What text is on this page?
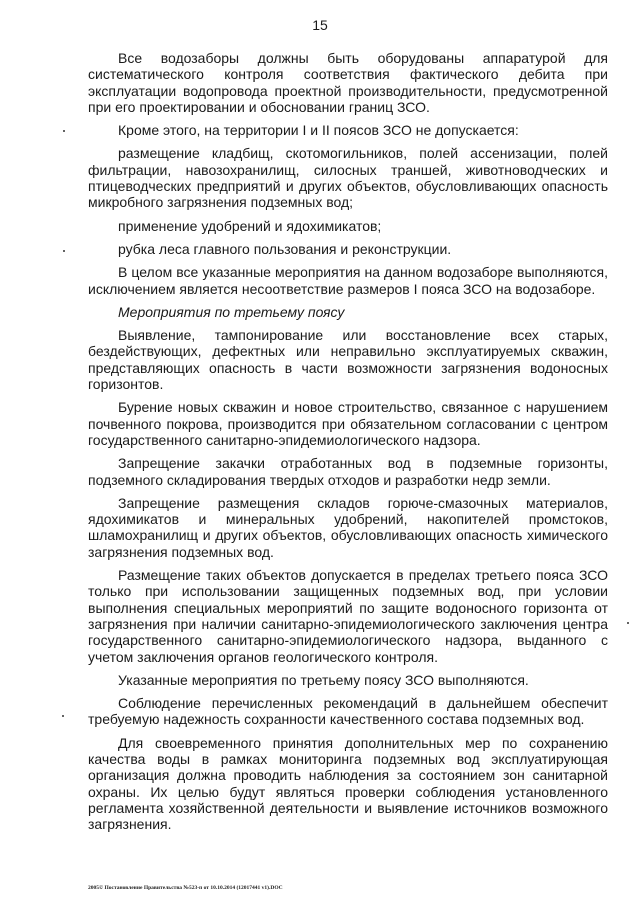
15

Все водозаборы должны быть оборудованы аппаратурой для систематического контроля соответствия фактического дебита при эксплуатации водопровода проектной производительности, предусмотренной при его проектировании и обосновании границ ЗСО.

Кроме этого, на территории I и II поясов ЗСО не допускается:

размещение кладбищ, скотомогильников, полей ассенизации, полей фильтрации, навозохранилищ, силосных траншей, животноводческих и птицеводческих предприятий и других объектов, обусловливающих опасность микробного загрязнения подземных вод;

применение удобрений и ядохимикатов;

рубка леса главного пользования и реконструкции.

В целом все указанные мероприятия на данном водозаборе выполняются, исключением является несоответствие размеров I пояса ЗСО на водозаборе.

Мероприятия по третьему поясу

Выявление, тампонирование или восстановление всех старых, бездействующих, дефектных или неправильно эксплуатируемых скважин, представляющих опасность в части возможности загрязнения водоносных горизонтов.

Бурение новых скважин и новое строительство, связанное с нарушением почвенного покрова, производится при обязательном согласовании с центром государственного санитарно-эпидемиологического надзора.

Запрещение закачки отработанных вод в подземные горизонты, подземного складирования твердых отходов и разработки недр земли.

Запрещение размещения складов горюче-смазочных материалов, ядохимикатов и минеральных удобрений, накопителей промстоков, шламохранилищ и других объектов, обусловливающих опасность химического загрязнения подземных вод.

Размещение таких объектов допускается в пределах третьего пояса ЗСО только при использовании защищенных подземных вод, при условии выполнения специальных мероприятий по защите водоносного горизонта от загрязнения при наличии санитарно-эпидемиологического заключения центра государственного санитарно-эпидемиологического надзора, выданного с учетом заключения органов геологического контроля.

Указанные мероприятия по третьему поясу ЗСО выполняются.

Соблюдение перечисленных рекомендаций в дальнейшем обеспечит требуемую надежность сохранности качественного состава подземных вод.

Для своевременного принятия дополнительных мер по сохранению качества воды в рамках мониторинга подземных вод эксплуатирующая организация должна проводить наблюдения за состоянием зон санитарной охраны. Их целью будут являться проверки соблюдения установленного регламента хозяйственной деятельности и выявление источников возможного загрязнения.

2005© Постановление Правительства №523-п от 10.10.2014 (12017441 v1).DOC
